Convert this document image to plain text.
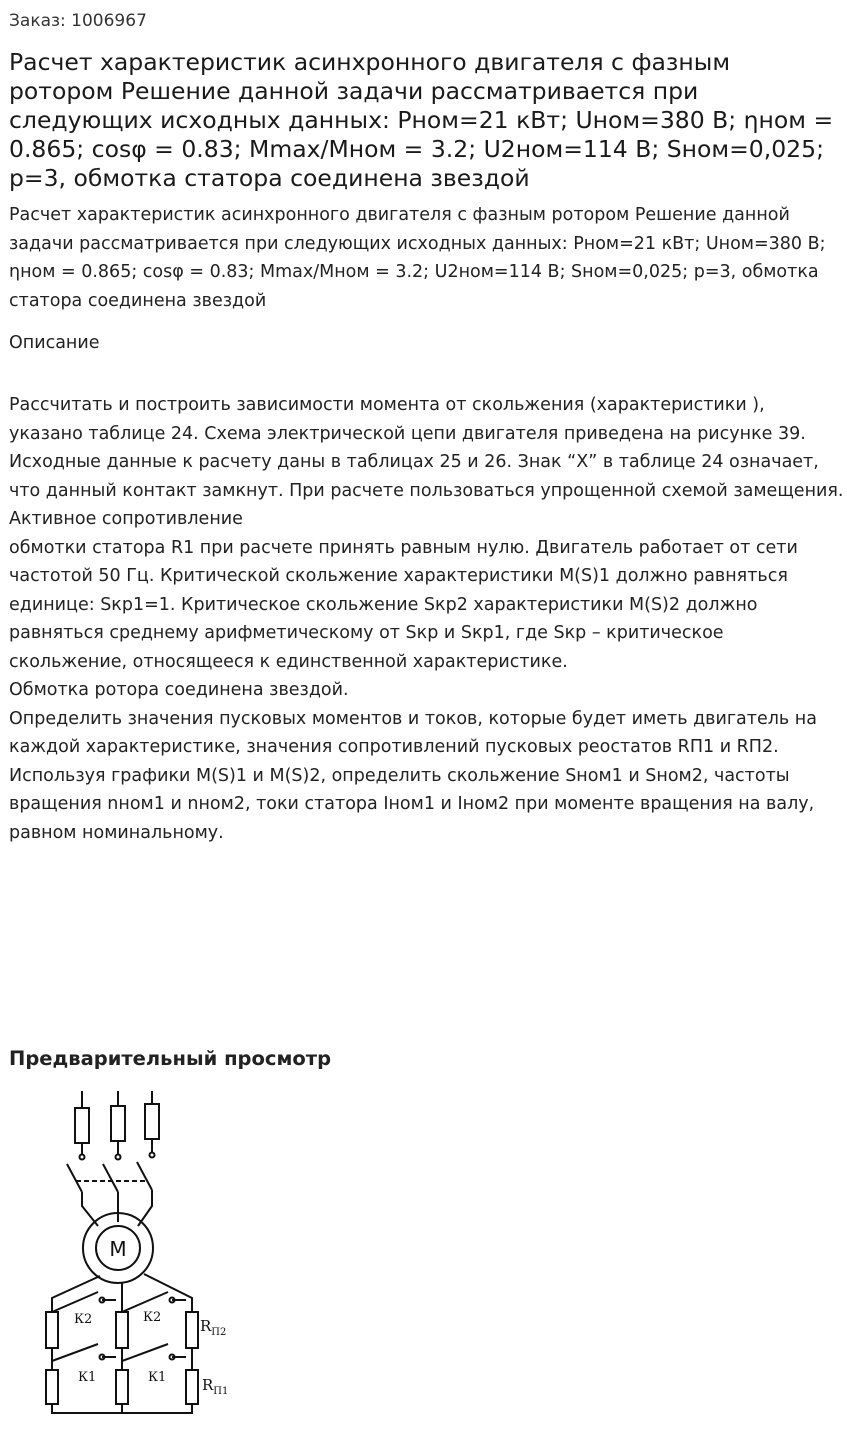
Заказ: 1006967
Расчет характеристик асинхронного двигателя с фазным ротором Решение данной задачи рассматривается при следующих исходных данных: Рном=21 кВт; Uном=380 В; ηном = 0.865; cosφ = 0.83; Mmax/Mном = 3.2; U2ном=114 В; Sном=0,025; p=3, обмотка статора соединена звездой
Расчет характеристик асинхронного двигателя с фазным ротором Решение данной задачи рассматривается при следующих исходных данных: Рном=21 кВт; Uном=380 В; ηном = 0.865; cosφ = 0.83; Mmax/Mном = 3.2; U2ном=114 В; Sном=0,025; p=3, обмотка статора соединена звездой
Описание

Рассчитать и построить зависимости момента от скольжения (характеристики ), указано таблице 24. Схема электрической цепи двигателя приведена на рисунке 39. Исходные данные к расчету даны в таблицах 25 и 26. Знак “Х” в таблице 24 означает, что данный контакт замкнут. При расчете пользоваться упрощенной схемой замещения. Активное сопротивление

обмотки статора R1 при расчете принять равным нулю. Двигатель работает от сети частотой 50 Гц. Критической скольжение характеристики M(S)1 должно равняться единице: Sкр1=1. Критическое скольжение Sкр2 характеристики M(S)2 должно равняться среднему арифметическому от Sкр и Sкр1, где Sкр – критическое скольжение, относящееся к единственной характеристике.

Обмотка ротора соединена звездой.

Определить значения пусковых моментов и токов, которые будет иметь двигатель на каждой характеристике, значения сопротивлений пусковых реостатов RП1 и RП2.

Используя графики M(S)1 и M(S)2, определить скольжение Sном1 и Sном2, частоты вращения nном1 и nном2, токи статора Iном1 и Iном2 при моменте вращения на валу, равном номинальному.

Предварительный просмотр
M
К2	К2
К1	К1
$R_{П2}$
$R_{П1}$
